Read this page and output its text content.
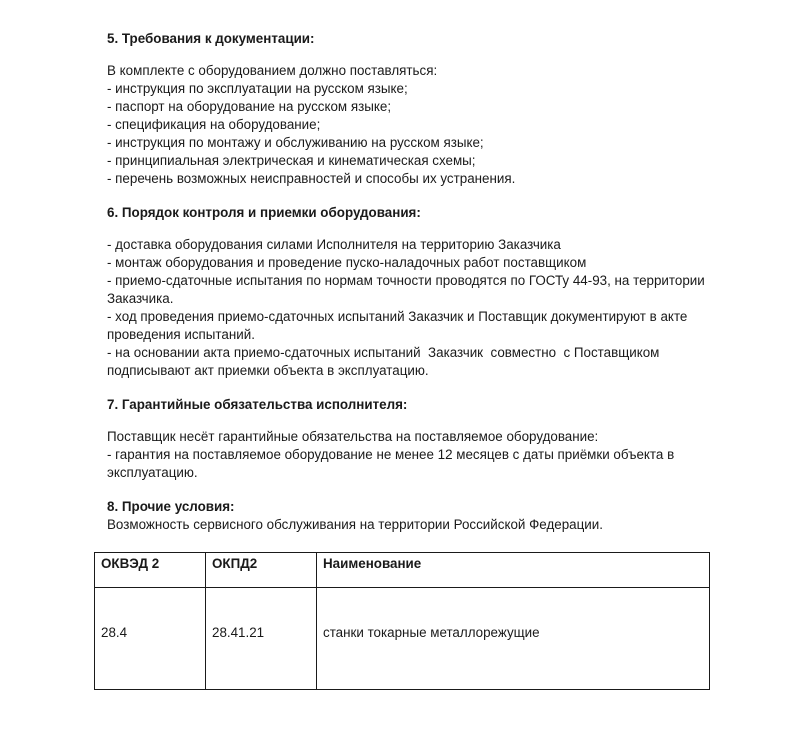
5. Требования к документации:

В комплекте с оборудованием должно поставляться:

- инструкция по эксплуатации на русском языке;

- паспорт на оборудование на русском языке;

- спецификация на оборудование;

- инструкция по монтажу и обслуживанию на русском языке;

- принципиальная электрическая и кинематическая схемы;

- перечень возможных неисправностей и способы их устранения.

6. Порядок контроля и приемки оборудования:

- доставка оборудования силами Исполнителя на территорию Заказчика

- монтаж оборудования и проведение пуско-наладочных работ поставщиком

- приемо-сдаточные испытания по нормам точности проводятся по ГОСТу 44-93, на территории

Заказчика.

- ход проведения приемо-сдаточных испытаний Заказчик и Поставщик документируют в акте

проведения испытаний.

- на основании акта приемо-сдаточных испытаний  Заказчик  совместно  с Поставщиком

подписывают акт приемки объекта в эксплуатацию.

7. Гарантийные обязательства исполнителя:

Поставщик несёт гарантийные обязательства на поставляемое оборудование:

- гарантия на поставляемое оборудование не менее 12 месяцев с даты приёмки объекта в

эксплуатацию.

8. Прочие условия:

Возможность сервисного обслуживания на территории Российской Федерации.

ОКВЭД 2	ОКПД2	Наименование
28.4	28.41.21	станки токарные металлорежущие
